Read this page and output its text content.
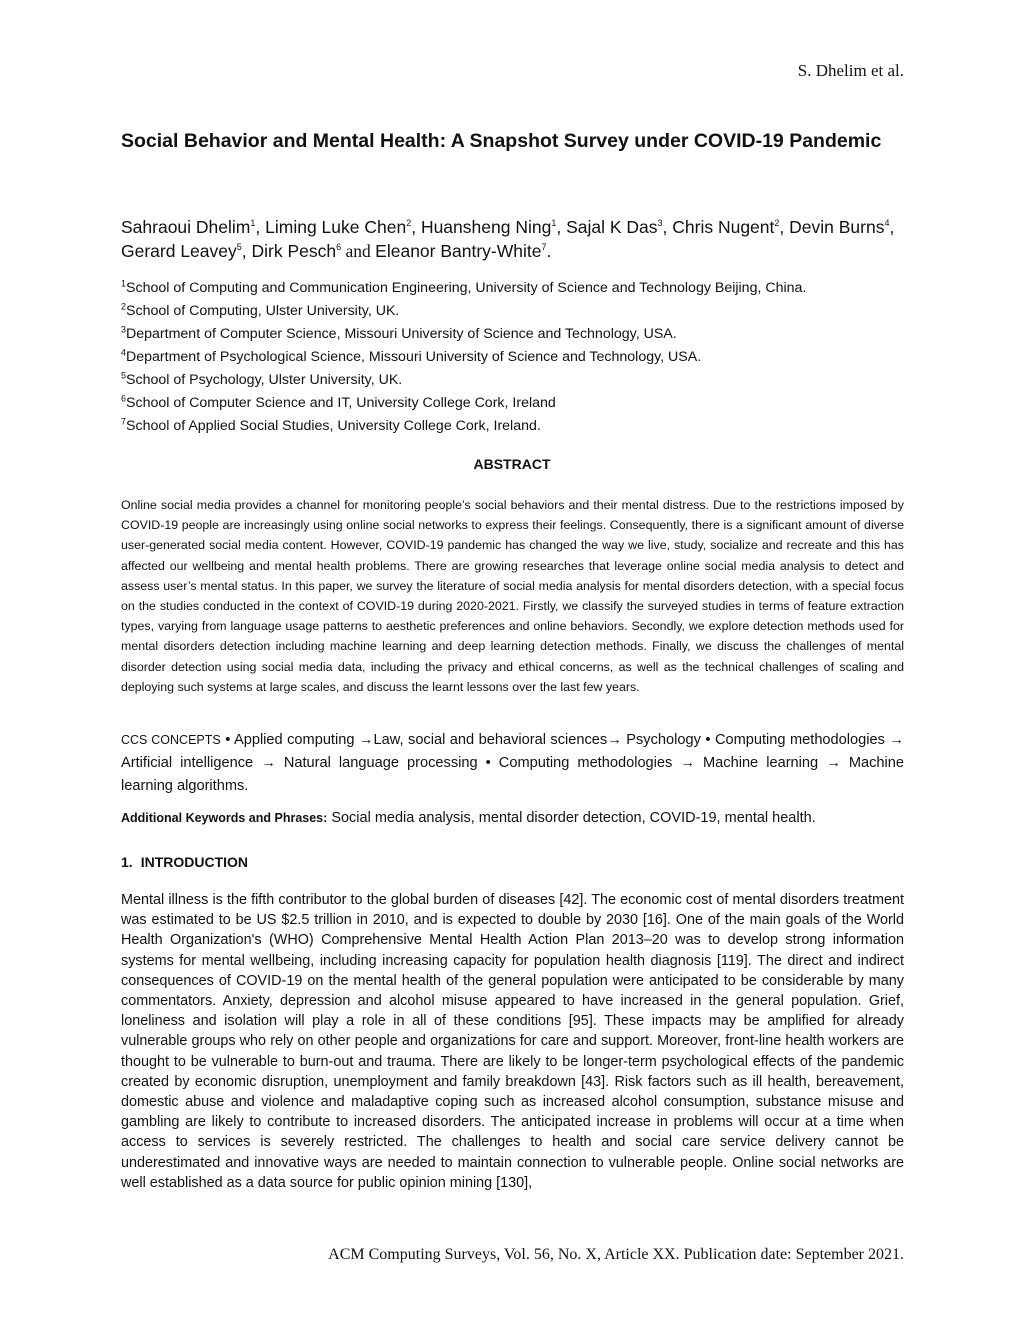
S. Dhelim et al.
Social Behavior and Mental Health: A Snapshot Survey under COVID-19 Pandemic
Sahraoui Dhelim$^1$, Liming Luke Chen$^2$, Huansheng Ning$^1$, Sajal K Das$^3$, Chris Nugent$^2$, Devin Burns$^4$, Gerard Leavey$^5$, Dirk Pesch$^6$ and Eleanor Bantry-White$^7$.
$^1$School of Computing and Communication Engineering, University of Science and Technology Beijing, China.
$^2$School of Computing, Ulster University, UK.
$^3$Department of Computer Science, Missouri University of Science and Technology, USA.
$^4$Department of Psychological Science, Missouri University of Science and Technology, USA.
$^5$School of Psychology, Ulster University, UK.
$^6$School of Computer Science and IT, University College Cork, Ireland
$^7$School of Applied Social Studies, University College Cork, Ireland.
ABSTRACT

Online social media provides a channel for monitoring people’s social behaviors and their mental distress. Due to the restrictions imposed by COVID-19 people are increasingly using online social networks to express their feelings. Consequently, there is a significant amount of diverse user-generated social media content. However, COVID-19 pandemic has changed the way we live, study, socialize and recreate and this has affected our wellbeing and mental health problems. There are growing researches that leverage online social media analysis to detect and assess user’s mental status. In this paper, we survey the literature of social media analysis for mental disorders detection, with a special focus on the studies conducted in the context of COVID-19 during 2020-2021. Firstly, we classify the surveyed studies in terms of feature extraction types, varying from language usage patterns to aesthetic preferences and online behaviors. Secondly, we explore detection methods used for mental disorders detection including machine learning and deep learning detection methods. Finally, we discuss the challenges of mental disorder detection using social media data, including the privacy and ethical concerns, as well as the technical challenges of scaling and deploying such systems at large scales, and discuss the learnt lessons over the last few years.

CCS CONCEPTS • Applied computing →Law, social and behavioral sciences→ Psychology • Computing methodologies → Artificial intelligence → Natural language processing • Computing methodologies → Machine learning → Machine learning algorithms.

Additional Keywords and Phrases: Social media analysis, mental disorder detection, COVID-19, mental health.

1. INTRODUCTION

Mental illness is the fifth contributor to the global burden of diseases [42]. The economic cost of mental disorders treatment was estimated to be US $2.5 trillion in 2010, and is expected to double by 2030 [16]. One of the main goals of the World Health Organization's (WHO) Comprehensive Mental Health Action Plan 2013–20 was to develop strong information systems for mental wellbeing, including increasing capacity for population health diagnosis [119]. The direct and indirect consequences of COVID-19 on the mental health of the general population were anticipated to be considerable by many commentators. Anxiety, depression and alcohol misuse appeared to have increased in the general population. Grief, loneliness and isolation will play a role in all of these conditions [95]. These impacts may be amplified for already vulnerable groups who rely on other people and organizations for care and support. Moreover, front-line health workers are thought to be vulnerable to burn-out and trauma. There are likely to be longer-term psychological effects of the pandemic created by economic disruption, unemployment and family breakdown [43]. Risk factors such as ill health, bereavement, domestic abuse and violence and maladaptive coping such as increased alcohol consumption, substance misuse and gambling are likely to contribute to increased disorders. The anticipated increase in problems will occur at a time when access to services is severely restricted. The challenges to health and social care service delivery cannot be underestimated and innovative ways are needed to maintain connection to vulnerable people. Online social networks are well established as a data source for public opinion mining [130],

ACM Computing Surveys, Vol. 56, No. X, Article XX. Publication date: September 2021.
